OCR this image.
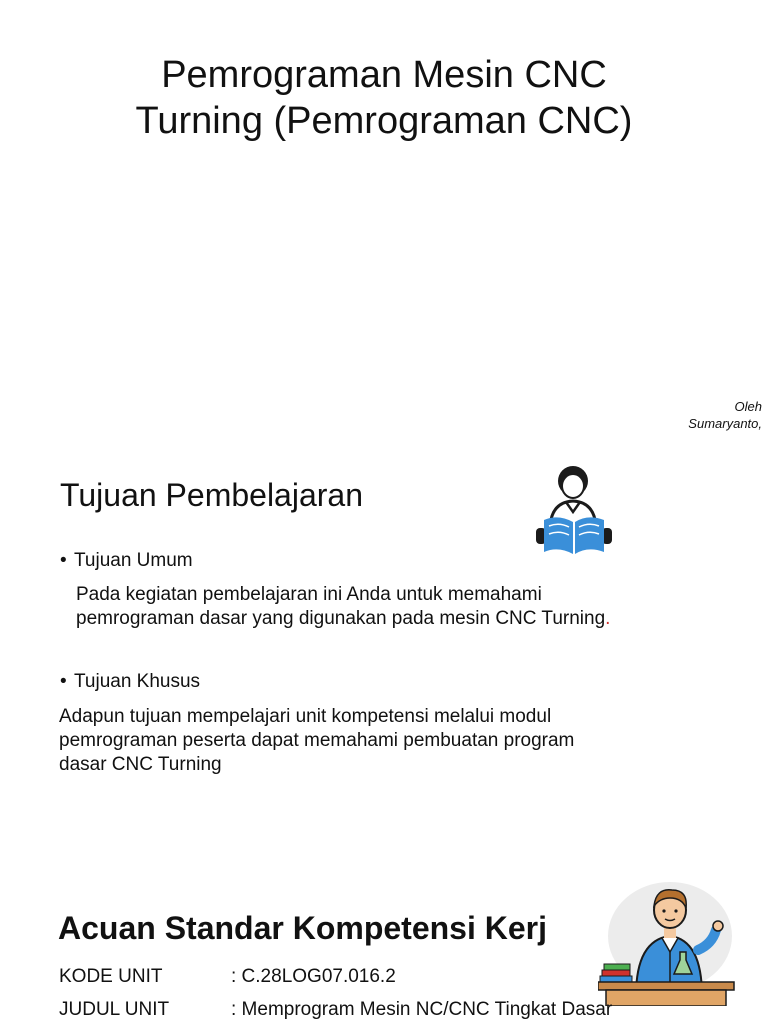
Pemrograman Mesin CNC
Turning (Pemrograman CNC)
Oleh
Sumaryanto,
Tujuan Pembelajaran
• Tujuan Umum
Pada kegiatan pembelajaran ini Anda untuk memahami
pemrograman dasar yang digunakan pada mesin CNC Turning.
• Tujuan Khusus
Adapun tujuan mempelajari unit kompetensi melalui modul
pemrograman peserta dapat memahami pembuatan program
dasar CNC Turning
Acuan Standar Kompetensi Kerj
KODE UNIT	: C.28LOG07.016.2
JUDUL UNIT	: Memprogram Mesin NC/CNC Tingkat Dasar
